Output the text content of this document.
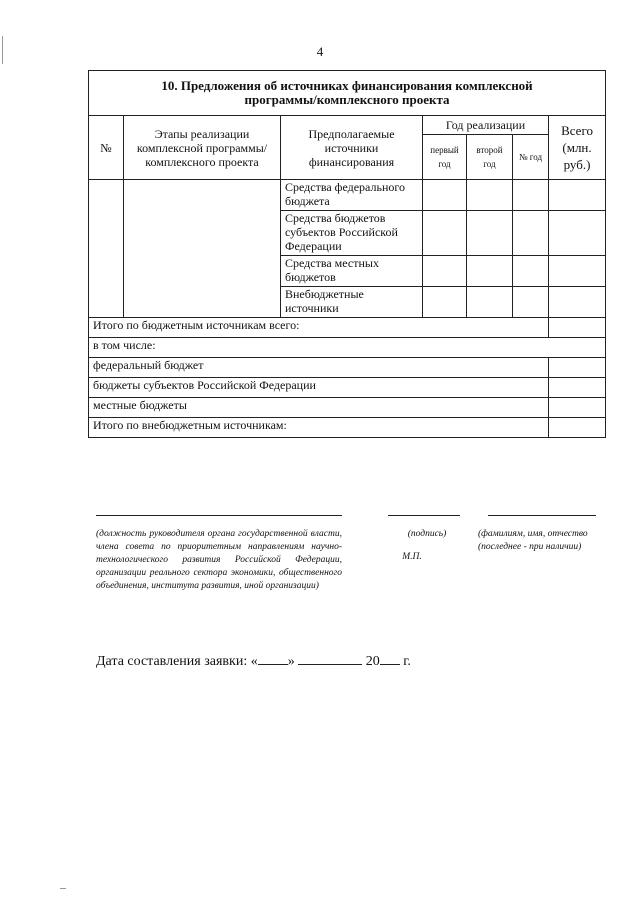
4
10. Предложения об источниках финансирования комплексной
программы/комплексного проекта						
№	Этапы реализации комплексной программы/комплексного проекта	Предполагаемые источники финансирования	Год реализации			Всего (млн. руб.)
			первый год	второй год	№ год	
		Средства федерального бюджета				
		Средства бюджетов субъектов Российской Федерации				
		Средства местных бюджетов				
		Внебюджетные источники				
Итого по бюджетным источникам всего:						
в том числе:						
федеральный бюджет						
бюджеты субъектов Российской Федерации						
местные бюджеты						
Итого по внебюджетным источникам:						
(должность руководителя органа государственной власти, члена совета по приоритетным направлениям научно-технологического развития Российской Федерации, организации реального сектора экономики, общественного объединения, института развития, иной организации)
(подпись)
М.П.
(фамилиям, имя, отчество (последнее - при наличии)
Дата составления заявки: « »	20 г.
